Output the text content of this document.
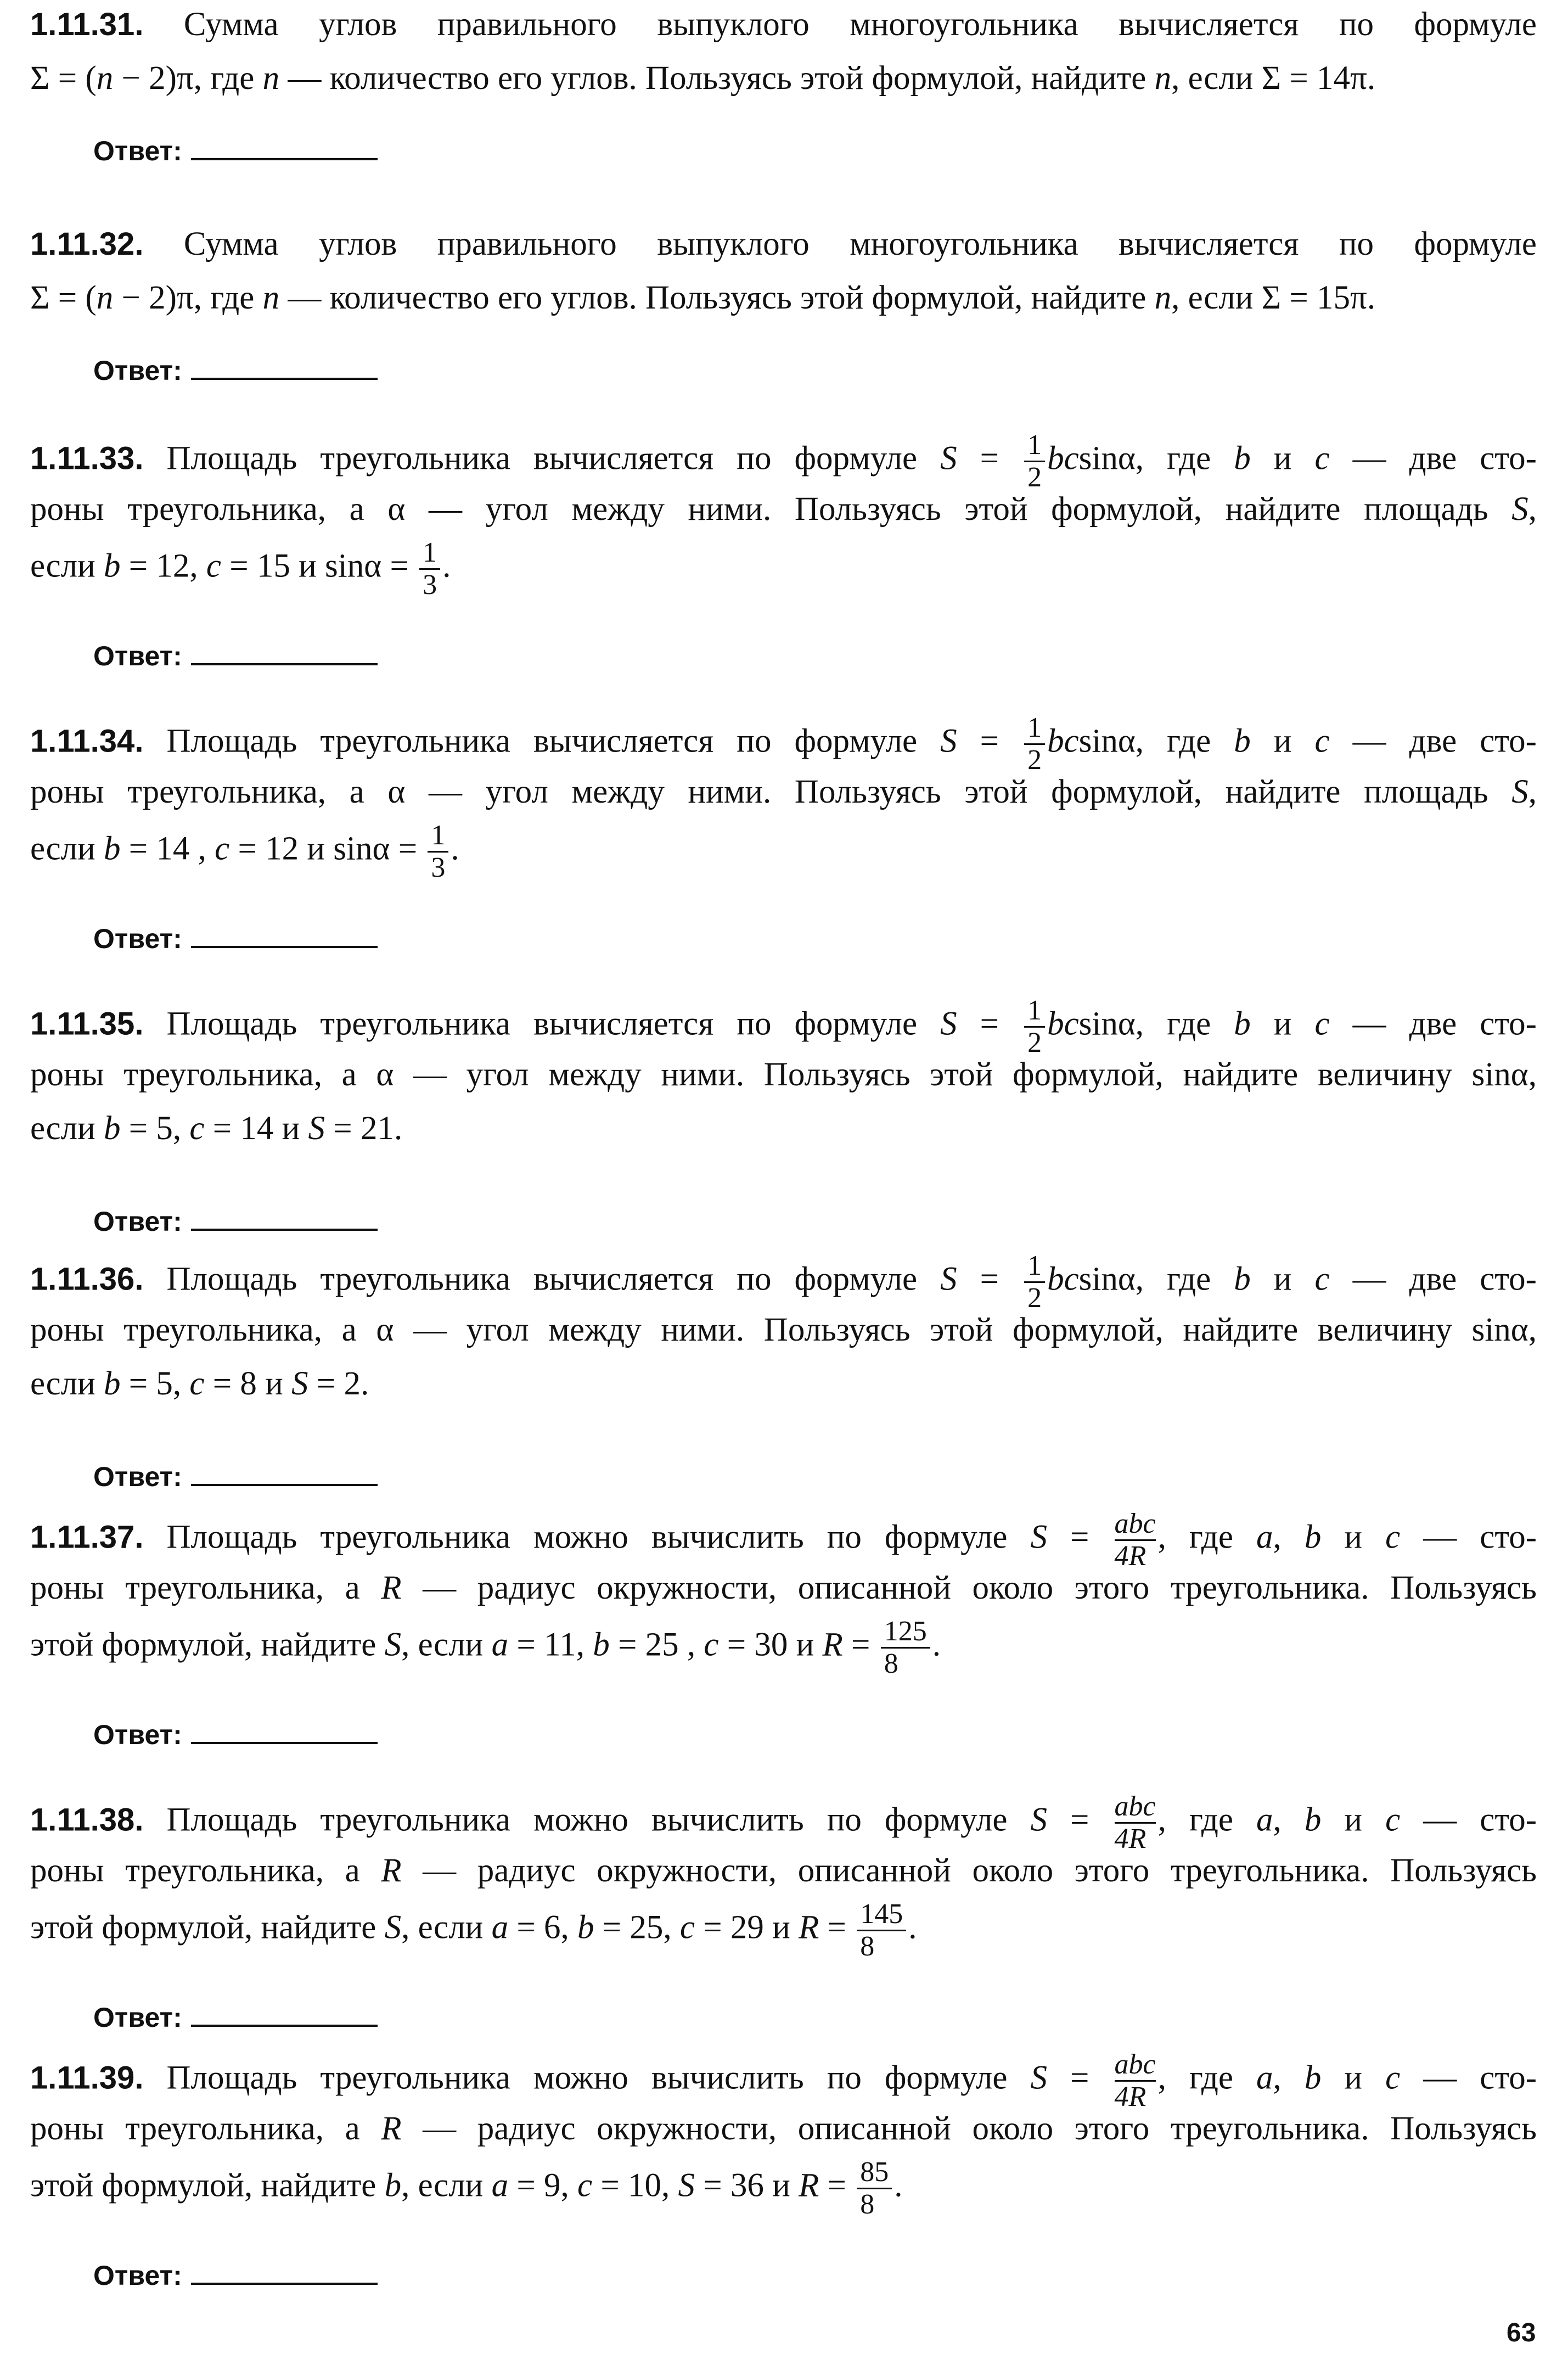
1.11.31. Сумма углов правильного выпуклого многоугольника вычисляется по формуле
Σ = (n − 2)π, где n — количество его углов. Пользуясь этой формулой, найдите n, если Σ = 14π.
Ответ:
1.11.32. Сумма углов правильного выпуклого многоугольника вычисляется по формуле
Σ = (n − 2)π, где n — количество его углов. Пользуясь этой формулой, найдите n, если Σ = 15π.
Ответ:
1.11.33. Площадь треугольника вычисляется по формуле $S = \frac{1}{2} bcsin\alpha$, где b и c — две сто-
роны треугольника, а α — угол между ними. Пользуясь этой формулой, найдите площадь S,
если b = 12, c = 15 и $\sin\alpha = \frac{1}{3}$ .
Ответ:
1.11.34. Площадь треугольника вычисляется по формуле $S = \frac{1}{2} bcsin\alpha$, где b и c — две сто-
роны треугольника, а α — угол между ними. Пользуясь этой формулой, найдите площадь S,
если b = 14 , c = 12 и $\sin\alpha = \frac{1}{3}$ .
Ответ:
1.11.35. Площадь треугольника вычисляется по формуле $S = \frac{1}{2} bcsin\alpha$, где b и c — две сто-
роны треугольника, а α — угол между ними. Пользуясь этой формулой, найдите величину sinα,
если b = 5, c = 14 и S = 21.
Ответ:
1.11.36. Площадь треугольника вычисляется по формуле $S = \frac{1}{2} bcsin\alpha$, где b и c — две сто-
роны треугольника, а α — угол между ними. Пользуясь этой формулой, найдите величину sinα,
если b = 5, c = 8 и S = 2.
Ответ:
1.11.37. Площадь треугольника можно вычислить по формуле $S = \frac{\text{abc}}{4R}$ , где a, b и c — сто-
роны треугольника, а R — радиус окружности, описанной около этого треугольника. Пользуясь
этой формулой, найдите S, если a = 11, b = 25 , c = 30 и $R = \frac{125}{8}$ .
Ответ:
1.11.38. Площадь треугольника можно вычислить по формуле $S = \frac{\text{abc}}{4R}$ , где a, b и c — сто-
роны треугольника, а R — радиус окружности, описанной около этого треугольника. Пользуясь
этой формулой, найдите S, если a = 6, b = 25, c = 29 и $R = \frac{145}{8}$ .
Ответ:
1.11.39. Площадь треугольника можно вычислить по формуле $S = \frac{\text{abc}}{4R}$ , где a, b и c — сто-
роны треугольника, а R — радиус окружности, описанной около этого треугольника. Пользуясь
этой формулой, найдите b, если a = 9, c = 10, S = 36 и $R = \frac{85}{8}$ .
Ответ:
63
